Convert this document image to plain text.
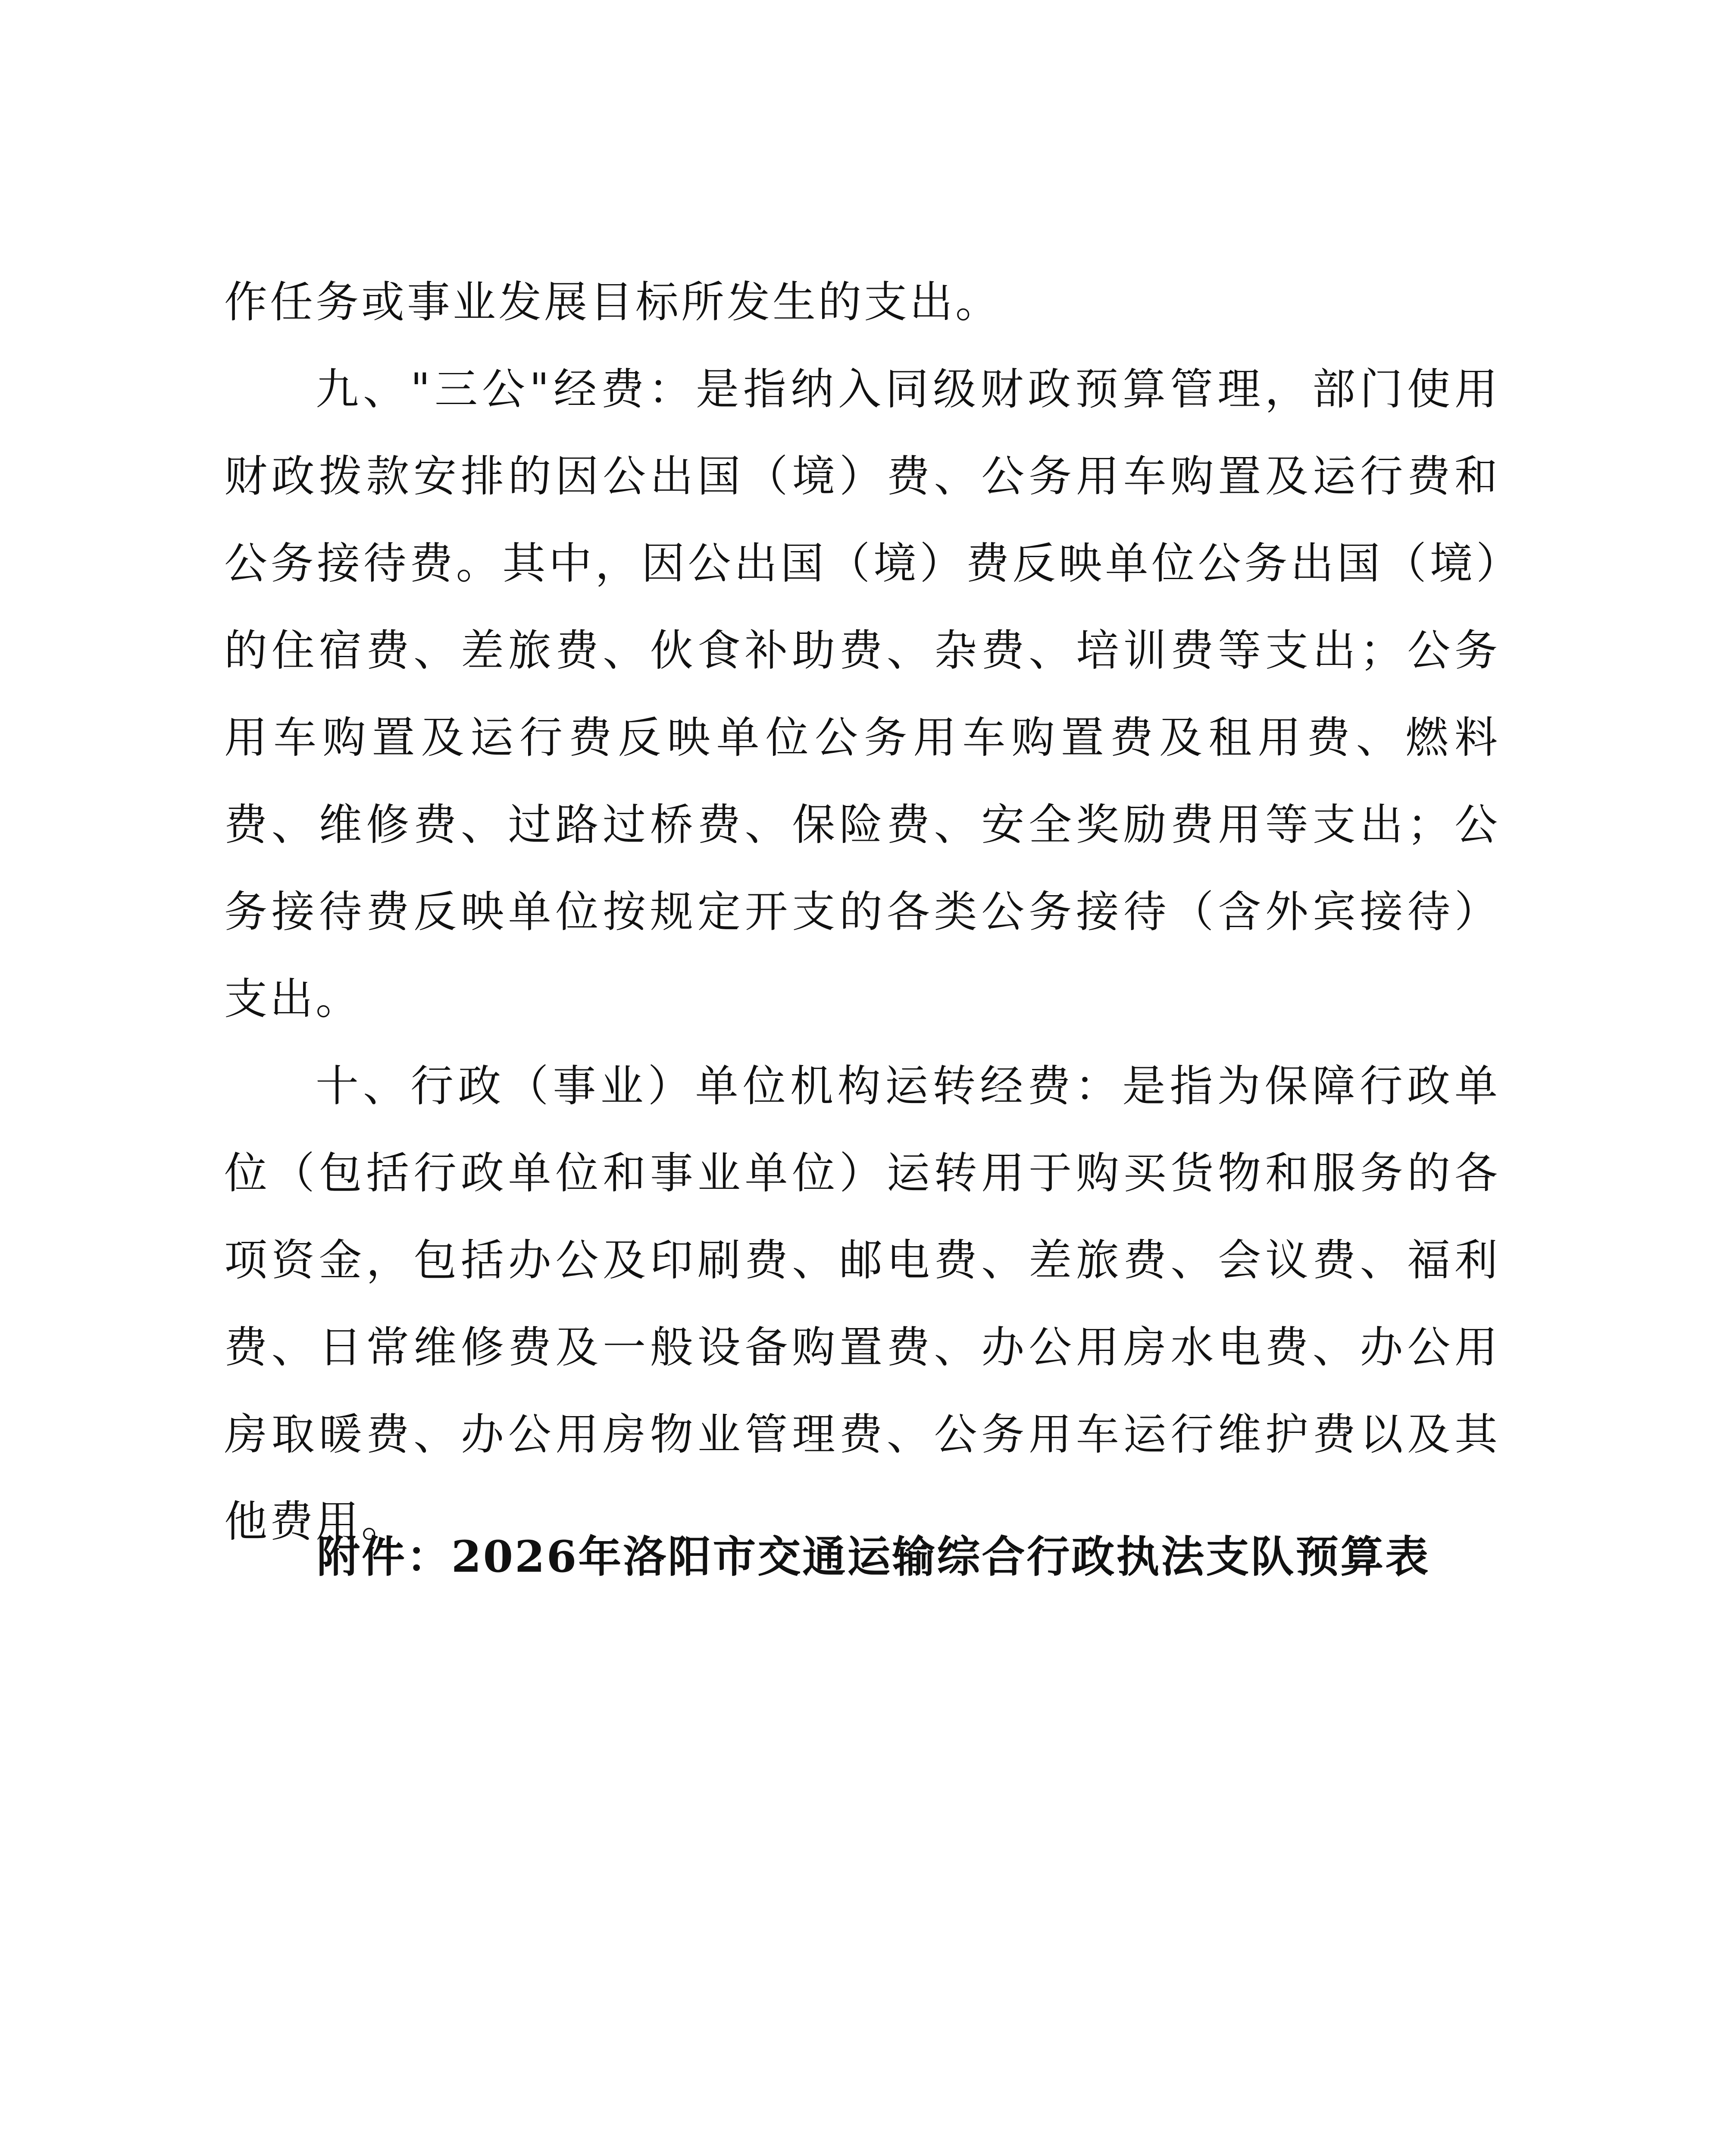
作任务或事业发展目标所发生的支出。

九、"三公"经费：是指纳入同级财政预算管理，部门使用财政拨款安排的因公出国（境）费、公务用车购置及运行费和公务接待费。其中，因公出国（境）费反映单位公务出国（境）的住宿费、差旅费、伙食补助费、杂费、培训费等支出；公务用车购置及运行费反映单位公务用车购置费及租用费、燃料费、维修费、过路过桥费、保险费、安全奖励费用等支出；公务接待费反映单位按规定开支的各类公务接待（含外宾接待）支出。

十、行政（事业）单位机构运转经费：是指为保障行政单位（包括行政单位和事业单位）运转用于购买货物和服务的各项资金，包括办公及印刷费、邮电费、差旅费、会议费、福利费、日常维修费及一般设备购置费、办公用房水电费、办公用房取暖费、办公用房物业管理费、公务用车运行维护费以及其他费用。

附件：2026年洛阳市交通运输综合行政执法支队预算表
